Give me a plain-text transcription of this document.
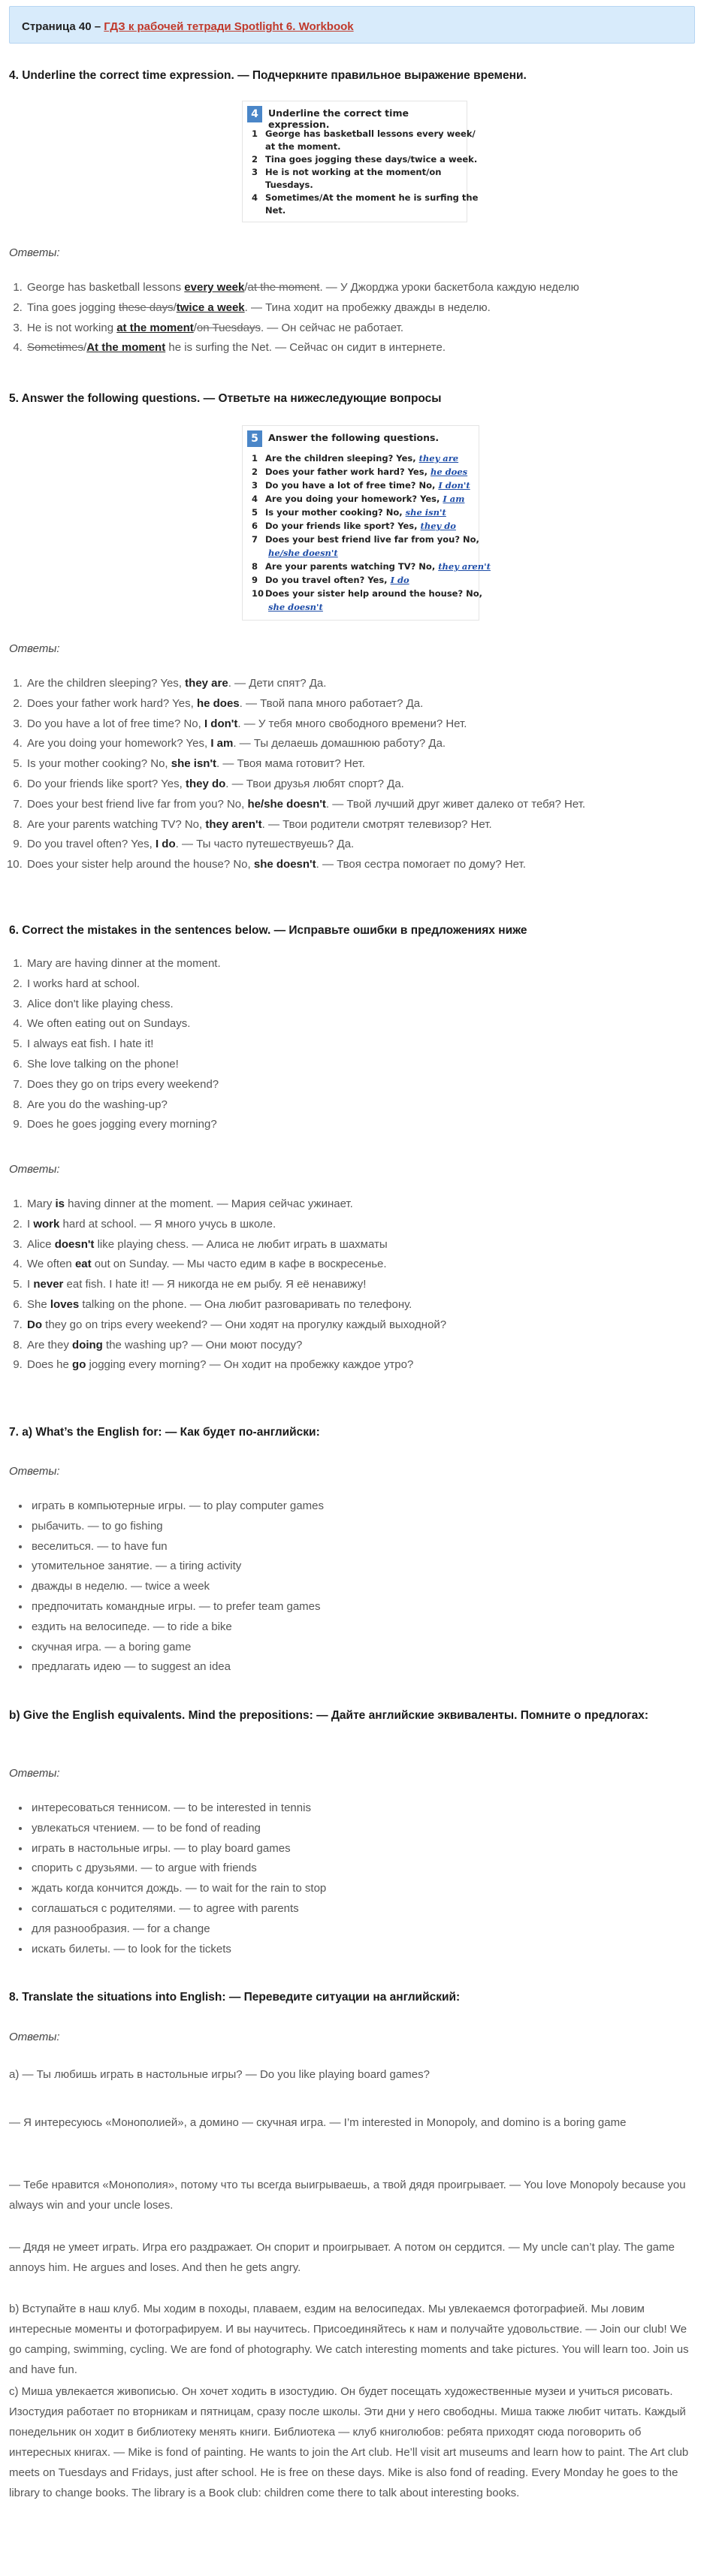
Страница 40 – ГДЗ к рабочей тетради Spotlight 6. Workbook
4. Underline the correct time expression. — Подчеркните правильное выражение времени.
4	Underline the correct time expression.
1 George has basketball lessons every week/
at the moment.
2 Tina goes jogging these days/twice a week.
3 He is not working at the moment/on
Tuesdays.
4 Sometimes/At the moment he is surfing the
Net.
Ответы:
1. George has basketball lessons every week/at the moment. — У Джорджа уроки баскетбола каждую неделю
2. Tina goes jogging these days/twice a week. — Тина ходит на пробежку дважды в неделю.
3. He is not working at the moment/on Tuesdays. — Он сейчас не работает.
4. Sometimes/At the moment he is surfing the Net. — Сейчас он сидит в интернете.
5. Answer the following questions. — Ответьте на нижеследующие вопросы
5	Answer the following questions.
1 Are the children sleeping? Yes, they are
2 Does your father work hard? Yes, he does
3 Do you have a lot of free time? No, I don't
4 Are you doing your homework? Yes, I am
5 Is your mother cooking? No, she isn't
6 Do your friends like sport? Yes, they do
7 Does your best friend live far from you? No,
he/she doesn't
8 Are your parents watching TV? No, they aren't
9 Do you travel often? Yes, I do
10 Does your sister help around the house? No,
she doesn't
Ответы:
1. Are the children sleeping? Yes, they are. — Дети спят? Да.
2. Does your father work hard? Yes, he does. — Твой папа много работает? Да.
3. Do you have a lot of free time? No, I don't. — У тебя много свободного времени? Нет.
4. Are you doing your homework? Yes, I am. — Ты делаешь домашнюю работу? Да.
5. Is your mother cooking? No, she isn't. — Твоя мама готовит? Нет.
6. Do your friends like sport? Yes, they do. — Твои друзья любят спорт? Да.
7. Does your best friend live far from you? No, he/she doesn't. — Твой лучший друг живет далеко от тебя? Нет.
8. Are your parents watching TV? No, they aren't. — Твои родители смотрят телевизор? Нет.
9. Do you travel often? Yes, I do. — Ты часто путешествуешь? Да.
10. Does your sister help around the house? No, she doesn't. — Твоя сестра помогает по дому? Нет.
6. Correct the mistakes in the sentences below. — Исправьте ошибки в предложениях ниже
1. Mary are having dinner at the moment.
2. I works hard at school.
3. Alice don't like playing chess.
4. We often eating out on Sundays.
5. I always eat fish. I hate it!
6. She love talking on the phone!
7. Does they go on trips every weekend?
8. Are you do the washing-up?
9. Does he goes jogging every morning?
Ответы:
1. Mary is having dinner at the moment. — Мария сейчас ужинает.
2. I work hard at school. — Я много учусь в школе.
3. Alice doesn't like playing chess. — Алиса не любит играть в шахматы
4. We often eat out on Sunday. — Мы часто едим в кафе в воскресенье.
5. I never eat fish. I hate it! — Я никогда не ем рыбу. Я её ненавижу!
6. She loves talking on the phone. — Она любит разговаривать по телефону.
7. Do they go on trips every weekend? — Они ходят на прогулку каждый выходной?
8. Are they doing the washing up? — Они моют посуду?
9. Does he go jogging every morning? — Он ходит на пробежку каждое утро?
7. a) What’s the English for: — Как будет по-английски:
Ответы:
• играть в компьютерные игры. — to play computer games
• рыбачить. — to go fishing
• веселиться. — to have fun
• утомительное занятие. — a tiring activity
• дважды в неделю. — twice a week
• предпочитать командные игры. — to prefer team games
• ездить на велосипеде. — to ride a bike
• скучная игра. — a boring game
• предлагать идею — to suggest an idea
b) Give the English equivalents. Mind the prepositions: — Дайте английские эквиваленты. Помните о предлогах:
Ответы:
• интересоваться теннисом. — to be interested in tennis
• увлекаться чтением. — to be fond of reading
• играть в настольные игры. — to play board games
• спорить с друзьями. — to argue with friends
• ждать когда кончится дождь. — to wait for the rain to stop
• соглашаться с родителями. — to agree with parents
• для разнообразия. — for a change
• искать билеты. — to look for the tickets
8. Translate the situations into English: — Переведите ситуации на английский:
Ответы:

a) — Ты любишь играть в настольные игры? — Do you like playing board games?

— Я интересуюсь «Монополией», а домино — скучная игра. — I’m interested in Monopoly, and domino is a boring game

— Тебе нравится «Монополия», потому что ты всегда выигрываешь, а твой дядя проигрывает. — You love Monopoly because you always win and your uncle loses.

— Дядя не умеет играть. Игра его раздражает. Он спорит и проигрывает. А потом он сердится. — My uncle can’t play. The game annoys him. He argues and loses. And then he gets angry.

b) Вступайте в наш клуб. Мы ходим в походы, плаваем, ездим на велосипедах. Мы увлекаемся фотографией. Мы ловим интересные моменты и фотографируем. И вы научитесь. Присоединяйтесь к нам и получайте удовольствие. — Join our club! We go camping, swimming, cycling. We are fond of photography. We catch interesting moments and take pictures. You will learn too. Join us and have fun.

c) Миша увлекается живописью. Он хочет ходить в изостудию. Он будет посещать художественные музеи и учиться рисовать. Изостудия работает по вторникам и пятницам, сразу после школы. Эти дни у него свободны. Миша также любит читать. Каждый понедельник он ходит в библиотеку менять книги. Библиотека — клуб книголюбов: ребята приходят сюда поговорить об интересных книгах. — Mike is fond of painting. He wants to join the Art club. He’ll visit art museums and learn how to paint. The Art club meets on Tuesdays and Fridays, just after school. He is free on these days. Mike is also fond of reading. Every Monday he goes to the library to change books. The library is a Book club: children come there to talk about interesting books.
